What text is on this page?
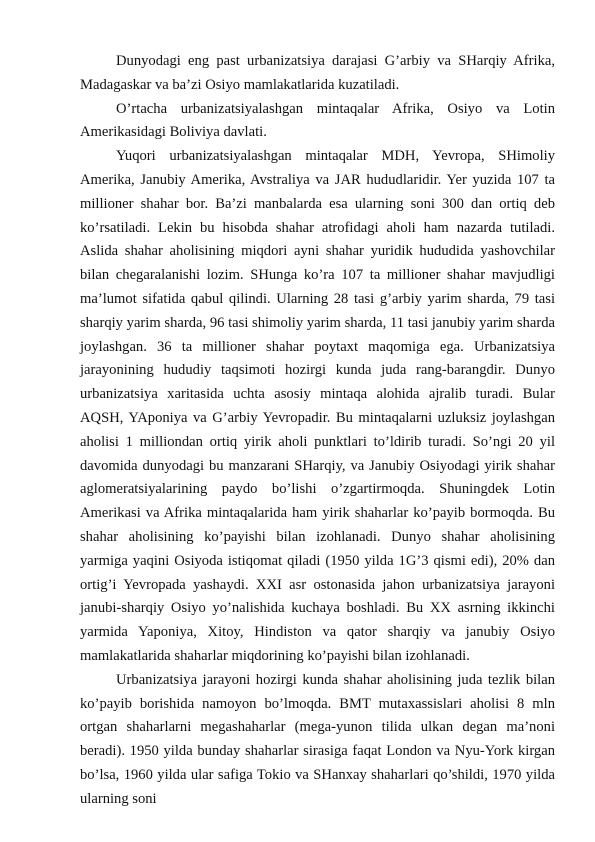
Dunyodagi eng past urbanizatsiya darajasi G’arbiy va SHarqiy Afrika, Madagaskar va ba’zi Osiyo mamlakatlarida kuzatiladi.

O’rtacha urbanizatsiyalashgan mintaqalar Afrika, Osiyo va Lotin Amerikasidagi Boliviya davlati.

Yuqori urbanizatsiyalashgan mintaqalar MDH, Yevropa, SHimoliy Amerika, Janubiy Amerika, Avstraliya va JAR hududlaridir. Yer yuzida 107 ta millioner shahar bor. Ba’zi manbalarda esa ularning soni 300 dan ortiq deb ko’rsatiladi. Lekin bu hisobda shahar atrofidagi aholi ham nazarda tutiladi. Aslida shahar aholisining miqdori ayni shahar yuridik hududida yashovchilar bilan chegaralanishi lozim. SHunga ko’ra 107 ta millioner shahar mavjudligi ma’lumot sifatida qabul qilindi. Ularning 28 tasi g’arbiy yarim sharda, 79 tasi sharqiy yarim sharda, 96 tasi shimoliy yarim sharda, 11 tasi janubiy yarim sharda joylashgan. 36 ta millioner shahar poytaxt maqomiga ega. Urbanizatsiya jarayonining hududiy taqsimoti hozirgi kunda juda rang-barangdir. Dunyo urbanizatsiya xaritasida uchta asosiy mintaqa alohida ajralib turadi. Bular AQSH, YAponiya va G’arbiy Yevropadir. Bu mintaqalarni uzluksiz joylashgan aholisi 1 milliondan ortiq yirik aholi punktlari to’ldirib turadi. So’ngi 20 yil davomida dunyodagi bu manzarani SHarqiy, va Janubiy Osiyodagi yirik shahar aglomeratsiyalarining paydo bo’lishi o’zgartirmoqda. Shuningdek Lotin Amerikasi va Afrika mintaqalarida ham yirik shaharlar ko’payib bormoqda. Bu shahar aholisining ko’payishi bilan izohlanadi. Dunyo shahar aholisining yarmiga yaqini Osiyoda istiqomat qiladi (1950 yilda 1G’3 qismi edi), 20% dan ortig’i Yevropada yashaydi. XXI asr ostonasida jahon urbanizatsiya jarayoni janubi-sharqiy Osiyo yo’nalishida kuchaya boshladi. Bu XX asrning ikkinchi yarmida Yaponiya, Xitoy, Hindiston va qator sharqiy va janubiy Osiyo mamlakatlarida shaharlar miqdorining ko’payishi bilan izohlanadi.

Urbanizatsiya jarayoni hozirgi kunda shahar aholisining juda tezlik bilan ko’payib borishida namoyon bo’lmoqda. BMT mutaxassislari aholisi 8 mln ortgan shaharlarni megashaharlar (mega-yunon tilida ulkan degan ma’noni beradi). 1950 yilda bunday shaharlar sirasiga faqat London va Nyu-York kirgan bo’lsa, 1960 yilda ular safiga Tokio va SHanxay shaharlari qo’shildi, 1970 yilda ularning soni
